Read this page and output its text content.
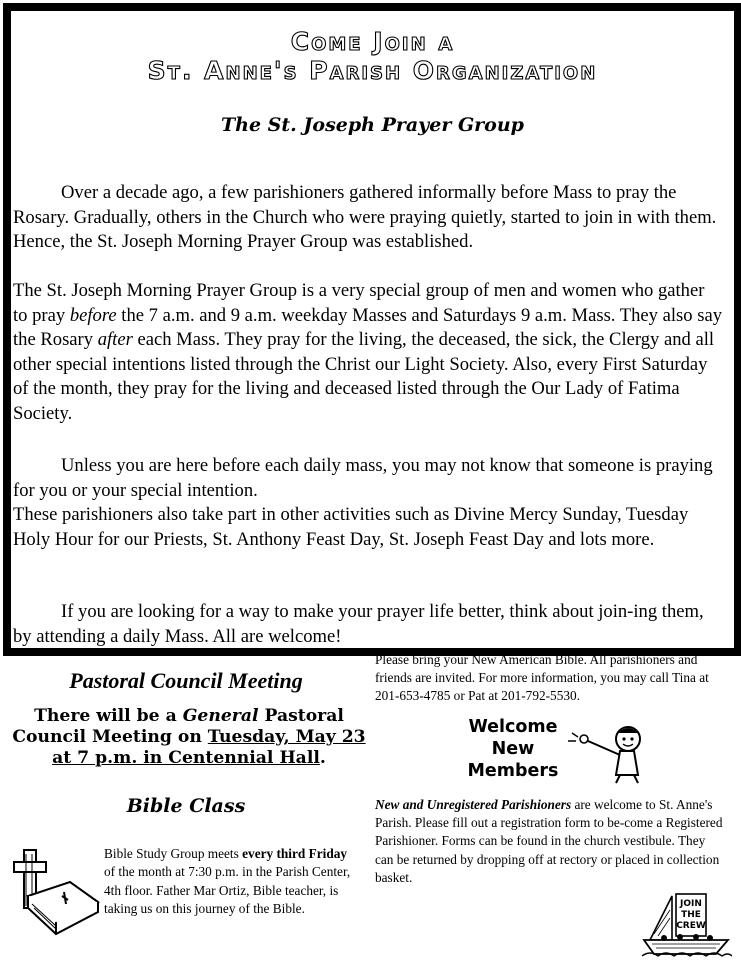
Come Join a
St. Anne's Parish Organization
The St. Joseph Prayer Group

Over a decade ago, a few parishioners gathered informally before Mass to pray the Rosary. Gradually, others in the Church who were praying quietly, started to join in with them. Hence, the St. Joseph Morning Prayer Group was established.

The St. Joseph Morning Prayer Group is a very special group of men and women who gather to pray before the 7 a.m. and 9 a.m. weekday Masses and Saturdays 9 a.m. Mass. They also say the Rosary after each Mass. They pray for the living, the deceased, the sick, the Clergy and all other special intentions listed through the Christ our Light Society. Also, every First Saturday of the month, they pray for the living and deceased listed through the Our Lady of Fatima Society.

Unless you are here before each daily mass, you may not know that someone is praying for you or your special intention.
These parishioners also take part in other activities such as Divine Mercy Sunday, Tuesday Holy Hour for our Priests, St. Anthony Feast Day, St. Joseph Feast Day and lots more.

If you are looking for a way to make your prayer life better, think about join-ing them, by attending a daily Mass. All are welcome!

Pastoral Council Meeting
There will be a General Pastoral Council Meeting on Tuesday, May 23 at 7 p.m. in Centennial Hall.
Bible Class
Bible Study Group meets every third Friday of the month at 7:30 p.m. in the Parish Center, 4th floor. Father Mar Ortiz, Bible teacher, is taking us on this journey of the Bible.
Please bring your New American Bible. All parishioners and friends are invited. For more information, you may call Tina at 201-653-4785 or Pat at 201-792-5530.
Welcome
New
Members
New and Unregistered Parishioners are welcome to St. Anne's Parish. Please fill out a registration form to be-come a Registered Parishioner. Forms can be found in the church vestibule. They can be returned by dropping off at rectory or placed in collection basket.
JOIN THE CREW
